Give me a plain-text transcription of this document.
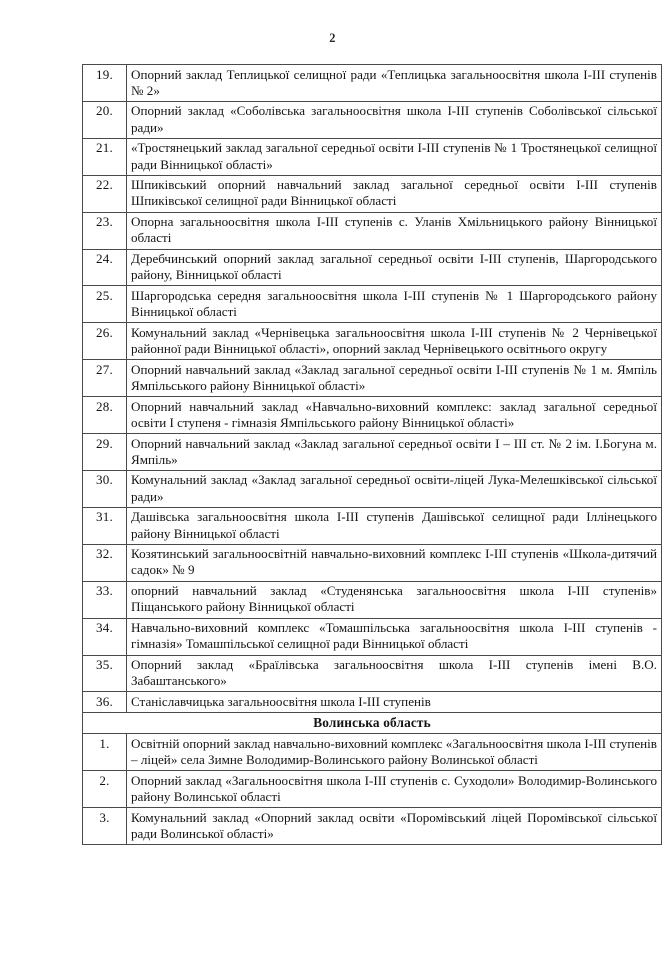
2
19.	Опорний заклад Теплицької селищної ради «Теплицька загальноосвітня школа I-III ступенів № 2»

20.	Опорний заклад «Соболівська загальноосвітня школа I-III ступенів Соболівської сільської ради»

21.	«Тростянецький заклад загальної середньої освіти I-III ступенів № 1 Тростянецької селищної ради Вінницької області»

22.	Шпиківський опорний навчальний заклад загальної середньої освіти I-III ступенів Шпиківської селищної ради Вінницької області

23.	Опорна загальноосвітня школа I-III ступенів с. Уланів Хмільницького району Вінницької області

24.	Деребчинський опорний заклад загальної середньої освіти I-III ступенів, Шаргородського району, Вінницької області

25.	Шаргородська середня загальноосвітня школа I-III ступенів № 1 Шаргородського району Вінницької області

26.	Комунальний заклад «Чернівецька загальноосвітня школа I-III ступенів № 2 Чернівецької районної ради Вінницької області», опорний заклад Чернівецького освітнього округу

27.	Опорний навчальний заклад «Заклад загальної середньої освіти I-III ступенів № 1 м. Ямпіль Ямпільського району Вінницької області»

28.	Опорний навчальний заклад «Навчально-виховний комплекс: заклад загальної середньої освіти I ступеня - гімназія Ямпільського району Вінницької області»

29.	Опорний навчальний заклад «Заклад загальної середньої освіти I – III ст. № 2 ім. І.Богуна м. Ямпіль»

30.	Комунальний заклад «Заклад загальної середньої освіти-ліцей Лука-Мелешківської сільської ради»

31.	Дашівська загальноосвітня школа I-III ступенів Дашівської селищної ради Іллінецького району Вінницької області

32.	Козятинський загальноосвітній навчально-виховний комплекс I-III ступенів «Школа-дитячий садок» № 9

33.	опорний навчальний заклад «Студенянська загальноосвітня школа I-III ступенів» Піщанського району Вінницької області

34.	Навчально-виховний комплекс «Томашпільська загальноосвітня школа I-III ступенів - гімназія» Томашпільської селищної ради Вінницької області

35.	Опорний заклад «Браїлівська загальноосвітня школа I-III ступенів імені В.О. Забаштанського»

36.	Станіславчицька загальноосвітня школа I-III ступенів

Волинська область	

1.	Освітній опорний заклад навчально-виховний комплекс «Загальноосвітня школа I-III ступенів – ліцей» села Зимне Володимир-Волинського району Волинської області

2.	Опорний заклад «Загальноосвітня школа I-III ступенів с. Суходоли» Володимир-Волинського району Волинської області

3.	Комунальний заклад «Опорний заклад освіти «Поромівський ліцей Поромівської сільської ради Волинської області»
